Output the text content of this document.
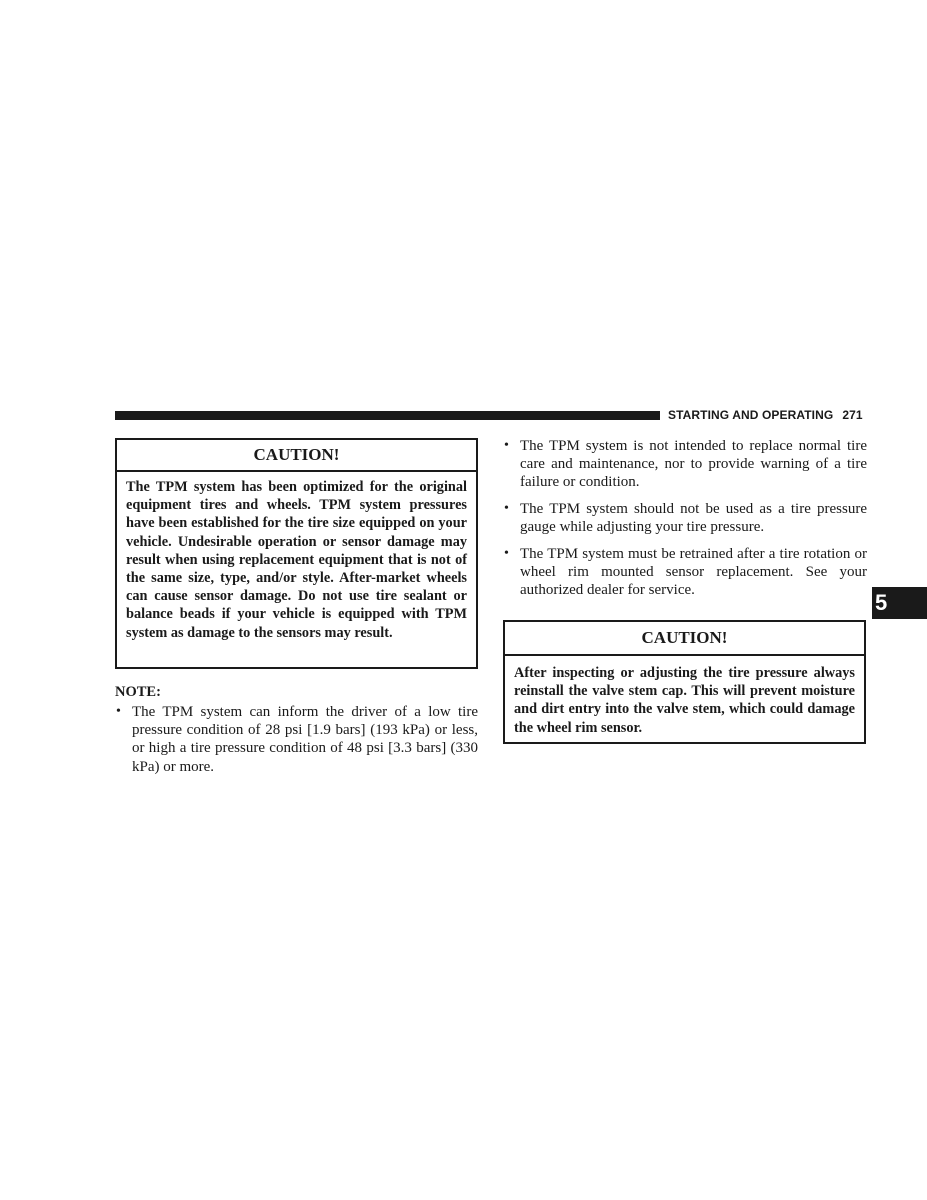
STARTING AND OPERATING 271
5
CAUTION!
The TPM system has been optimized for the original equipment tires and wheels. TPM system pressures have been established for the tire size equipped on your vehicle. Undesirable operation or sensor damage may result when using replacement equipment that is not of the same size, type, and/or style. After-market wheels can cause sensor damage. Do not use tire sealant or balance beads if your vehicle is equipped with TPM system as damage to the sensors may result.
NOTE:
• The TPM system can inform the driver of a low tire pressure condition of 28 psi [1.9 bars] (193 kPa) or less, or high a tire pressure condition of 48 psi [3.3 bars] (330 kPa) or more.
• The TPM system is not intended to replace normal tire care and maintenance, nor to provide warning of a tire failure or condition.
• The TPM system should not be used as a tire pressure gauge while adjusting your tire pressure.
• The TPM system must be retrained after a tire rotation or wheel rim mounted sensor replacement. See your authorized dealer for service.
CAUTION!
After inspecting or adjusting the tire pressure always reinstall the valve stem cap. This will prevent moisture and dirt entry into the valve stem, which could damage the wheel rim sensor.
